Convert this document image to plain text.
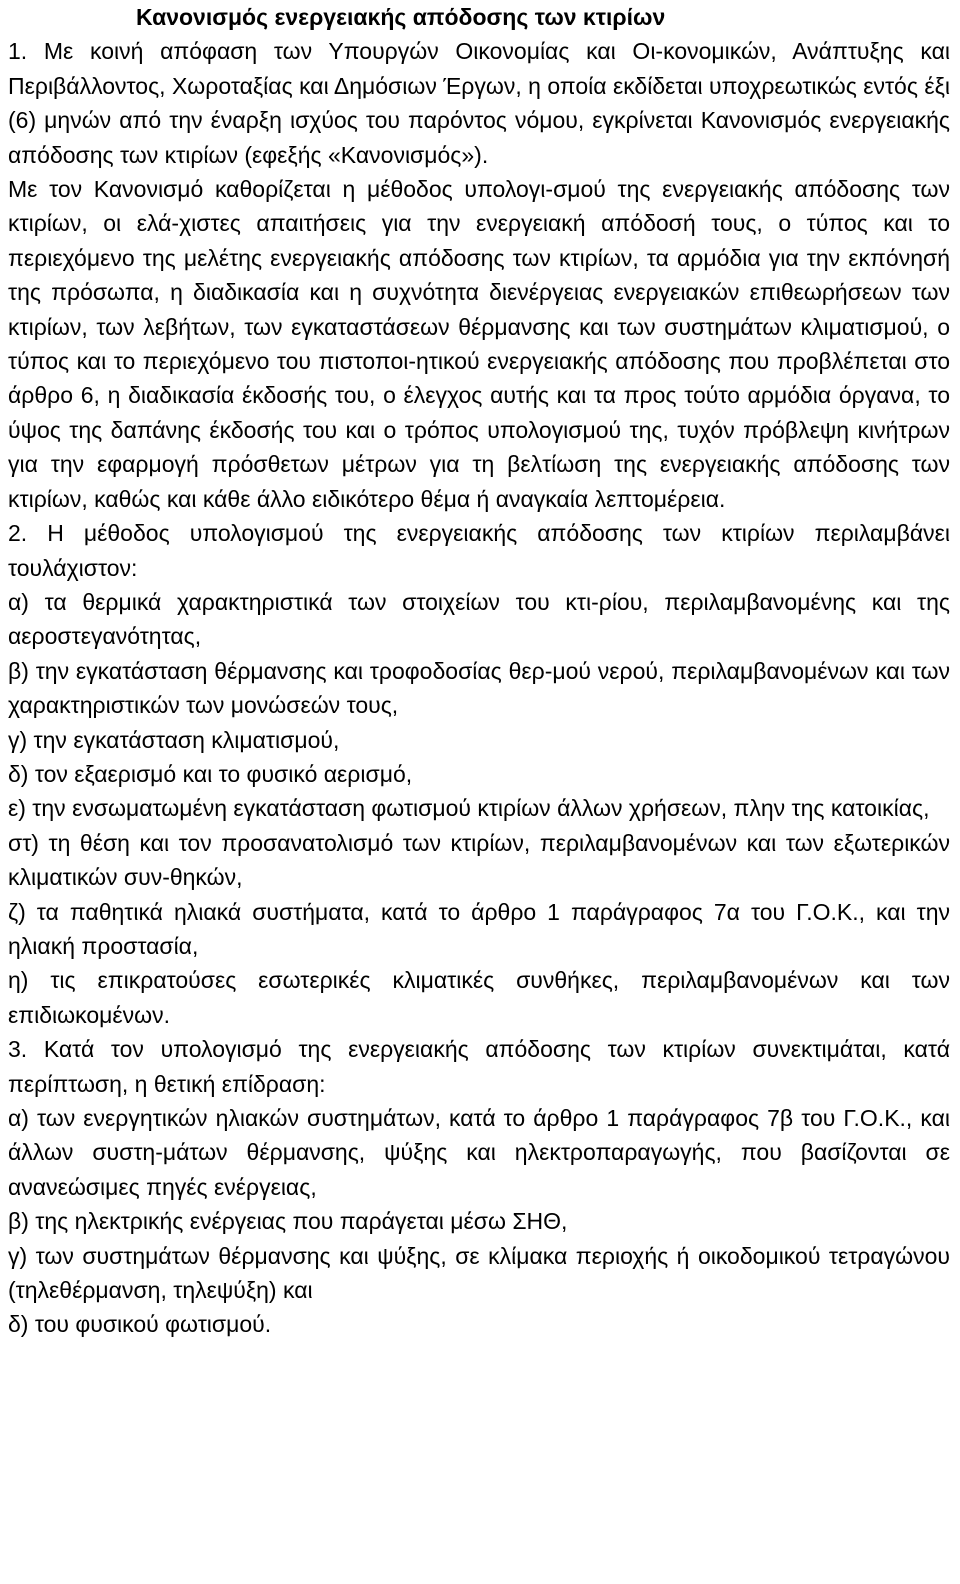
Κανονισμός ενεργειακής απόδοσης των κτιρίων

1. Με κοινή απόφαση των Υπουργών Οικονομίας και Οι-κονομικών, Ανάπτυξης και Περιβάλλοντος, Χωροταξίας και Δημόσιων Έργων, η οποία εκδίδεται υποχρεωτικώς εντός έξι (6) μηνών από την έναρξη ισχύος του παρόντος νόμου, εγκρίνεται Κανονισμός ενεργειακής απόδοσης των κτιρίων (εφεξής «Κανονισμός»).

Με τον Κανονισμό καθορίζεται η μέθοδος υπολογι-σμού της ενεργειακής απόδοσης των κτιρίων, οι ελά-χιστες απαιτήσεις για την ενεργειακή απόδοσή τους, ο τύπος και το περιεχόμενο της μελέτης ενεργειακής απόδοσης των κτιρίων, τα αρμόδια για την εκπόνησή της πρόσωπα, η διαδικασία και η συχνότητα διενέργειας ενεργειακών επιθεωρήσεων των κτιρίων, των λεβήτων, των εγκαταστάσεων θέρμανσης και των συστημάτων κλιματισμού, ο τύπος και το περιεχόμενο του πιστοποι-ητικού ενεργειακής απόδοσης που προβλέπεται στο άρθρο 6, η διαδικασία έκδοσής του, ο έλεγχος αυτής και τα προς τούτο αρμόδια όργανα, το ύψος της δαπάνης έκδοσής του και ο τρόπος υπολογισμού της, τυχόν πρόβλεψη κινήτρων για την εφαρμογή πρόσθετων μέτρων για τη βελτίωση της ενεργειακής απόδοσης των κτιρίων, καθώς και κάθε άλλο ειδικότερο θέμα ή αναγκαία λεπτομέρεια.

2. Η μέθοδος υπολογισμού της ενεργειακής απόδοσης των κτιρίων περιλαμβάνει τουλάχιστον:

α) τα θερμικά χαρακτηριστικά των στοιχείων του κτι-ρίου, περιλαμβανομένης και της αεροστεγανότητας,

β) την εγκατάσταση θέρμανσης και τροφοδοσίας θερ-μού νερού, περιλαμβανομένων και των χαρακτηριστικών των μονώσεών τους,

γ) την εγκατάσταση κλιματισμού,

δ) τον εξαερισμό και το φυσικό αερισμό,

ε) την ενσωματωμένη εγκατάσταση φωτισμού κτιρίων άλλων χρήσεων, πλην της κατοικίας,

στ) τη θέση και τον προσανατολισμό των κτιρίων, περιλαμβανομένων και των εξωτερικών κλιματικών συν-θηκών,

ζ) τα παθητικά ηλιακά συστήματα, κατά το άρθρο 1 παράγραφος 7α του Γ.Ο.Κ., και την ηλιακή προστασία,

η) τις επικρατούσες εσωτερικές κλιματικές συνθήκες, περιλαμβανομένων και των επιδιωκομένων.

3. Κατά τον υπολογισμό της ενεργειακής απόδοσης των κτιρίων συνεκτιμάται, κατά περίπτωση, η θετική επίδραση:

α) των ενεργητικών ηλιακών συστημάτων, κατά το άρθρο 1 παράγραφος 7β του Γ.Ο.Κ., και άλλων συστη-μάτων θέρμανσης, ψύξης και ηλεκτροπαραγωγής, που βασίζονται σε ανανεώσιμες πηγές ενέργειας,

β) της ηλεκτρικής ενέργειας που παράγεται μέσω ΣΗΘ,

γ) των συστημάτων θέρμανσης και ψύξης, σε κλίμακα περιοχής ή οικοδομικού τετραγώνου (τηλεθέρμανση, τηλεψύξη) και

δ) του φυσικού φωτισμού.
